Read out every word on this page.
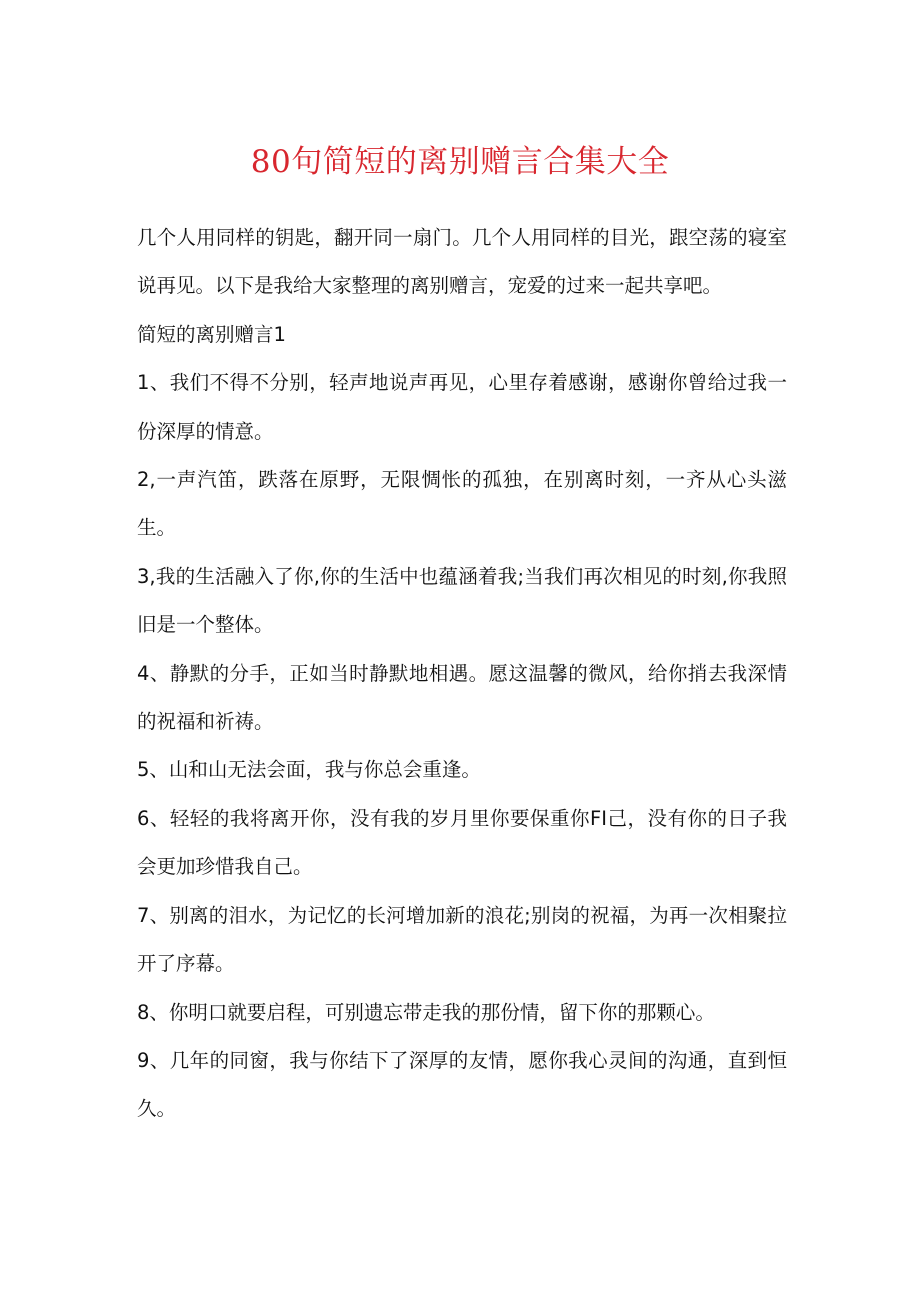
80句简短的离别赠言合集大全

几个人用同样的钥匙，翻开同一扇门。几个人用同样的目光，跟空荡的寝室说再见。以下是我给大家整理的离别赠言，宠爱的过来一起共享吧。

简短的离别赠言1

1、我们不得不分别，轻声地说声再见，心里存着感谢，感谢你曾给过我一份深厚的情意。

2,一声汽笛，跌落在原野，无限惆怅的孤独，在别离时刻，一齐从心头滋生。

3,我的生活融入了你,你的生活中也蕴涵着我;当我们再次相见的时刻,你我照旧是一个整体。

4、静默的分手，正如当时静默地相遇。愿这温馨的微风，给你捎去我深情的祝福和祈祷。

5、山和山无法会面，我与你总会重逢。

6、轻轻的我将离开你，没有我的岁月里你要保重你FI己，没有你的日子我会更加珍惜我自己。

7、别离的泪水，为记忆的长河增加新的浪花;别岗的祝福，为再一次相聚拉开了序幕。

8、你明口就要启程，可别遗忘带走我的那份情，留下你的那颗心。

9、几年的同窗，我与你结下了深厚的友情，愿你我心灵间的沟通，直到恒久。
